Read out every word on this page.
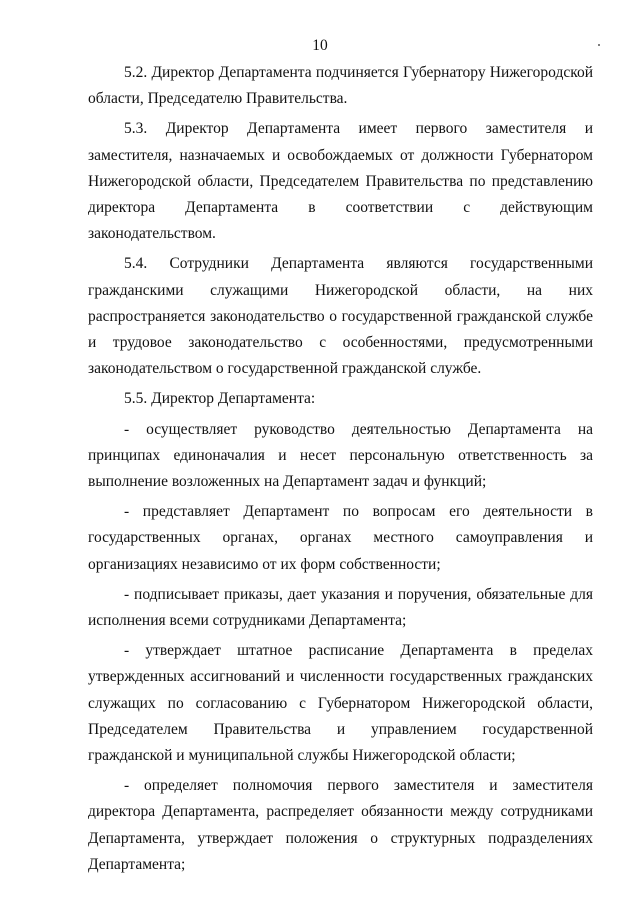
10

5.2. Директор Департамента подчиняется Губернатору Нижегородской области, Председателю Правительства.

5.3. Директор Департамента имеет первого заместителя и заместителя, назначаемых и освобождаемых от должности Губернатором Нижегородской области, Председателем Правительства по представлению директора Департамента в соответствии с действующим законодательством.

5.4. Сотрудники Департамента являются государственными гражданскими служащими Нижегородской области, на них распространяется законодательство о государственной гражданской службе и трудовое законодательство с особенностями, предусмотренными законодательством о государственной гражданской службе.

5.5. Директор Департамента:

- осуществляет руководство деятельностью Департамента на принципах единоначалия и несет персональную ответственность за выполнение возложенных на Департамент задач и функций;

- представляет Департамент по вопросам его деятельности в государственных органах, органах местного самоуправления и организациях независимо от их форм собственности;

- подписывает приказы, дает указания и поручения, обязательные для исполнения всеми сотрудниками Департамента;

- утверждает штатное расписание Департамента в пределах утвержденных ассигнований и численности государственных гражданских служащих по согласованию с Губернатором Нижегородской области, Председателем Правительства и управлением государственной гражданской и муниципальной службы Нижегородской области;

- определяет полномочия первого заместителя и заместителя директора Департамента, распределяет обязанности между сотрудниками Департамента, утверждает положения о структурных подразделениях Департамента;
